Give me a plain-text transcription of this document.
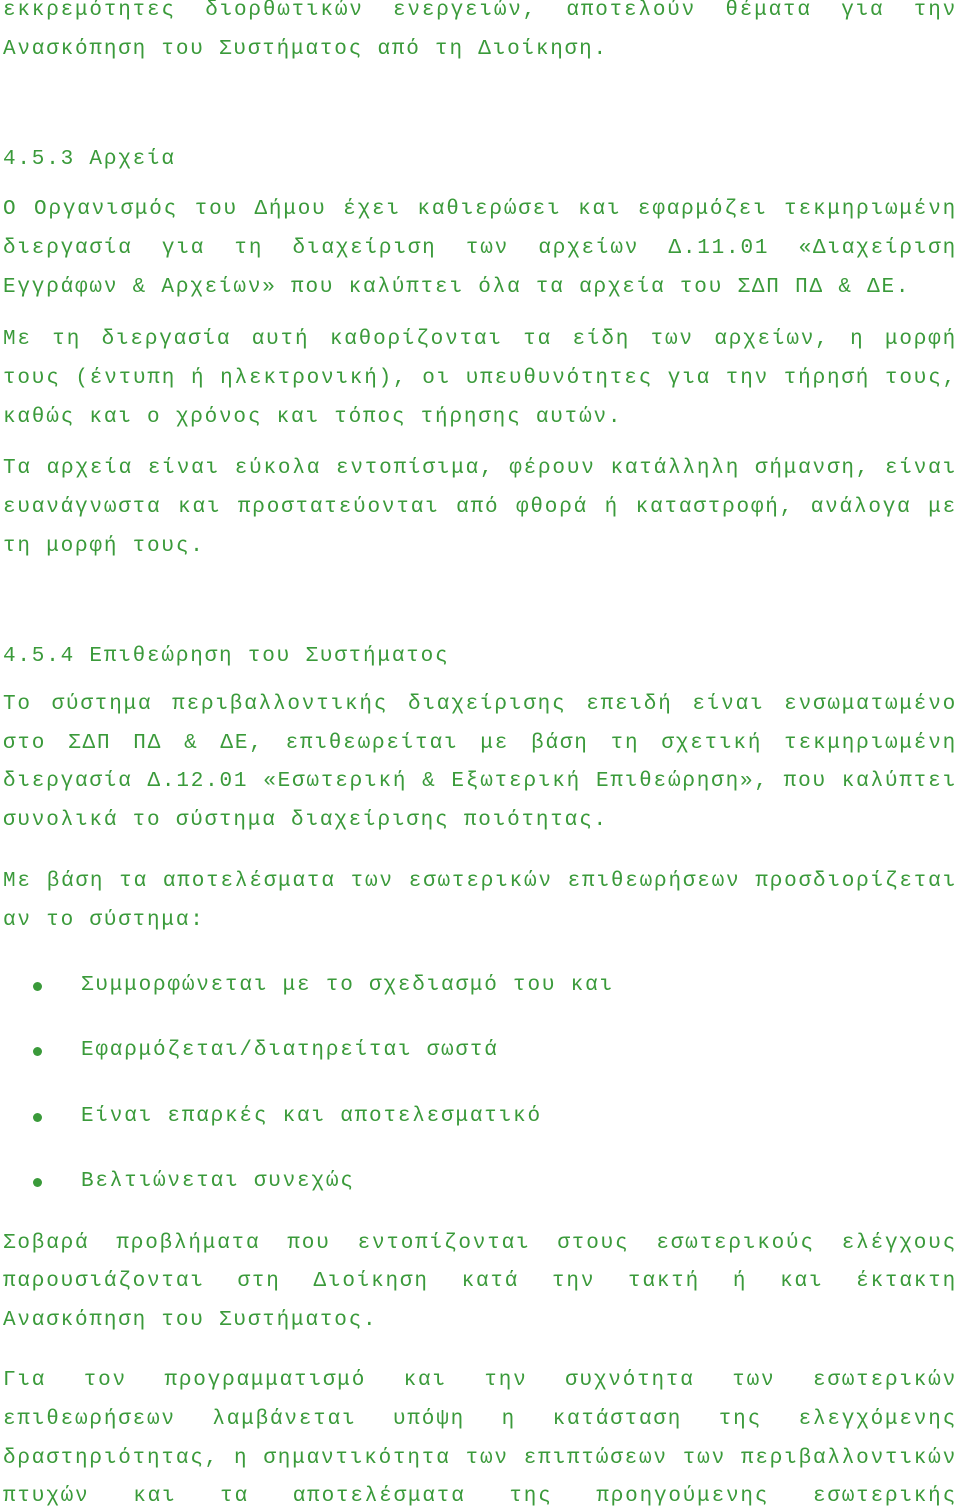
εκκρεμότητες διορθωτικών ενεργειών, αποτελούν θέματα για την
Ανασκόπηση του Συστήματος από τη Διοίκηση.
4.5.3 Αρχεία
Ο Οργανισμός του Δήμου έχει καθιερώσει και εφαρμόζει τεκμηριωμένη
διεργασία για τη διαχείριση των αρχείων Δ.11.01 «Διαχείριση
Εγγράφων & Αρχείων» που καλύπτει όλα τα αρχεία του ΣΔΠ ΠΔ & ΔΕ.
Με τη διεργασία αυτή καθορίζονται τα είδη των αρχείων, η μορφή
τους (έντυπη ή ηλεκτρονική), οι υπευθυνότητες για την τήρησή τους,
καθώς και ο χρόνος και τόπος τήρησης αυτών.
Τα αρχεία είναι εύκολα εντοπίσιμα, φέρουν κατάλληλη σήμανση, είναι
ευανάγνωστα και προστατεύονται από φθορά ή καταστροφή, ανάλογα με
τη μορφή τους.
4.5.4 Επιθεώρηση του Συστήματος
Το σύστημα περιβαλλοντικής διαχείρισης επειδή είναι ενσωματωμένο
στο ΣΔΠ ΠΔ & ΔΕ, επιθεωρείται με βάση τη σχετική τεκμηριωμένη
διεργασία Δ.12.01 «Εσωτερική & Εξωτερική Επιθεώρηση», που καλύπτει
συνολικά το σύστημα διαχείρισης ποιότητας.
Με βάση τα αποτελέσματα των εσωτερικών επιθεωρήσεων προσδιορίζεται
αν το σύστημα:
Συμμορφώνεται με το σχεδιασμό του και
Εφαρμόζεται/διατηρείται σωστά
Είναι επαρκές και αποτελεσματικό
Βελτιώνεται συνεχώς
Σοβαρά προβλήματα που εντοπίζονται στους εσωτερικούς ελέγχους
παρουσιάζονται στη Διοίκηση κατά την τακτή ή και έκτακτη
Ανασκόπηση του Συστήματος.
Για τον προγραμματισμό και την συχνότητα των εσωτερικών
επιθεωρήσεων λαμβάνεται υπόψη η κατάσταση της ελεγχόμενης
δραστηριότητας, η σημαντικότητα των επιπτώσεων των περιβαλλοντικών
πτυχών και τα αποτελέσματα της προηγούμενης εσωτερικής
